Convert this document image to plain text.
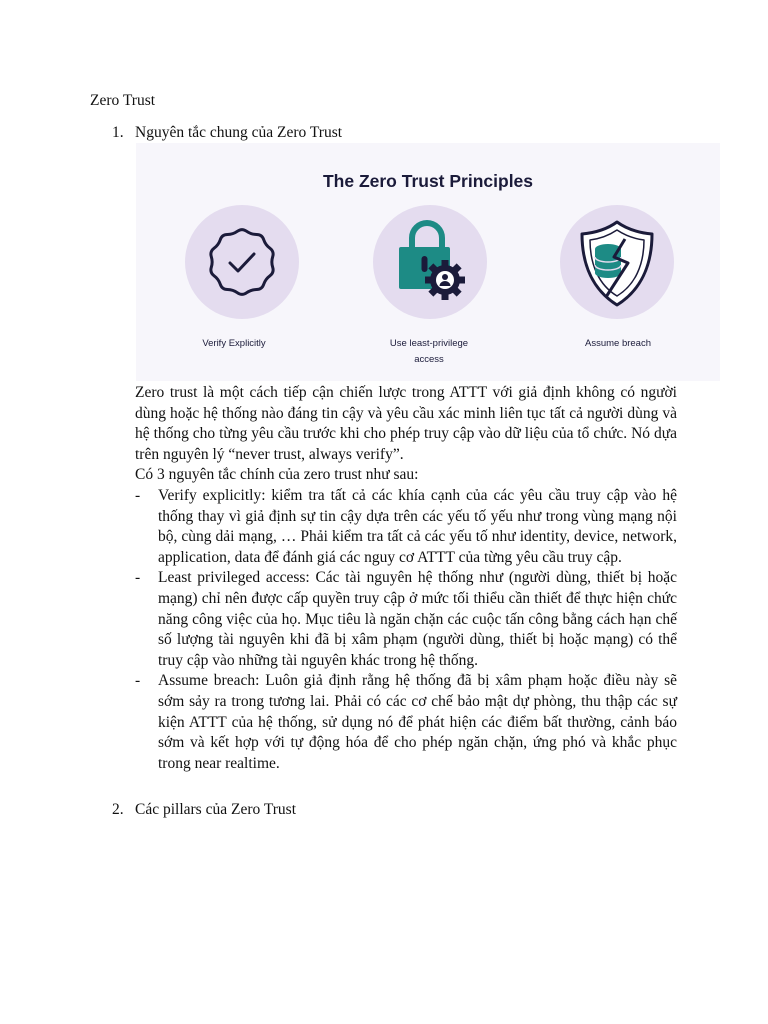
Zero Trust
1. Nguyên tắc chung của Zero Trust
The Zero Trust Principles
Verify Explicitly	Use least-privilege
access
Assume breach

Zero trust là một cách tiếp cận chiến lược trong ATTT với giả định không có người dùng hoặc hệ thống nào đáng tin cậy và yêu cầu xác minh liên tục tất cả người dùng và hệ thống cho từng yêu cầu trước khi cho phép truy cập vào dữ liệu của tổ chức. Nó dựa trên nguyên lý “never trust, always verify”.

Có 3 nguyên tắc chính của zero trust như sau:

- Verify explicitly: kiểm tra tất cả các khía cạnh của các yêu cầu truy cập vào hệ thống thay vì giả định sự tin cậy dựa trên các yếu tố yếu như trong vùng mạng nội bộ, cùng dải mạng, … Phải kiểm tra tất cả các yếu tố như identity, device, network, application, data để đánh giá các nguy cơ ATTT của từng yêu cầu truy cập.
- Least privileged access: Các tài nguyên hệ thống như (người dùng, thiết bị hoặc mạng) chỉ nên được cấp quyền truy cập ở mức tối thiểu cần thiết để thực hiện chức năng công việc của họ. Mục tiêu là ngăn chặn các cuộc tấn công bằng cách hạn chế số lượng tài nguyên khi đã bị xâm phạm (người dùng, thiết bị hoặc mạng) có thể truy cập vào những tài nguyên khác trong hệ thống.
- Assume breach: Luôn giả định rằng hệ thống đã bị xâm phạm hoặc điều này sẽ sớm sảy ra trong tương lai. Phải có các cơ chế bảo mật dự phòng, thu thập các sự kiện ATTT của hệ thống, sử dụng nó để phát hiện các điểm bất thường, cảnh báo sớm và kết hợp với tự động hóa để cho phép ngăn chặn, ứng phó và khắc phục trong near realtime.
2. Các pillars của Zero Trust
